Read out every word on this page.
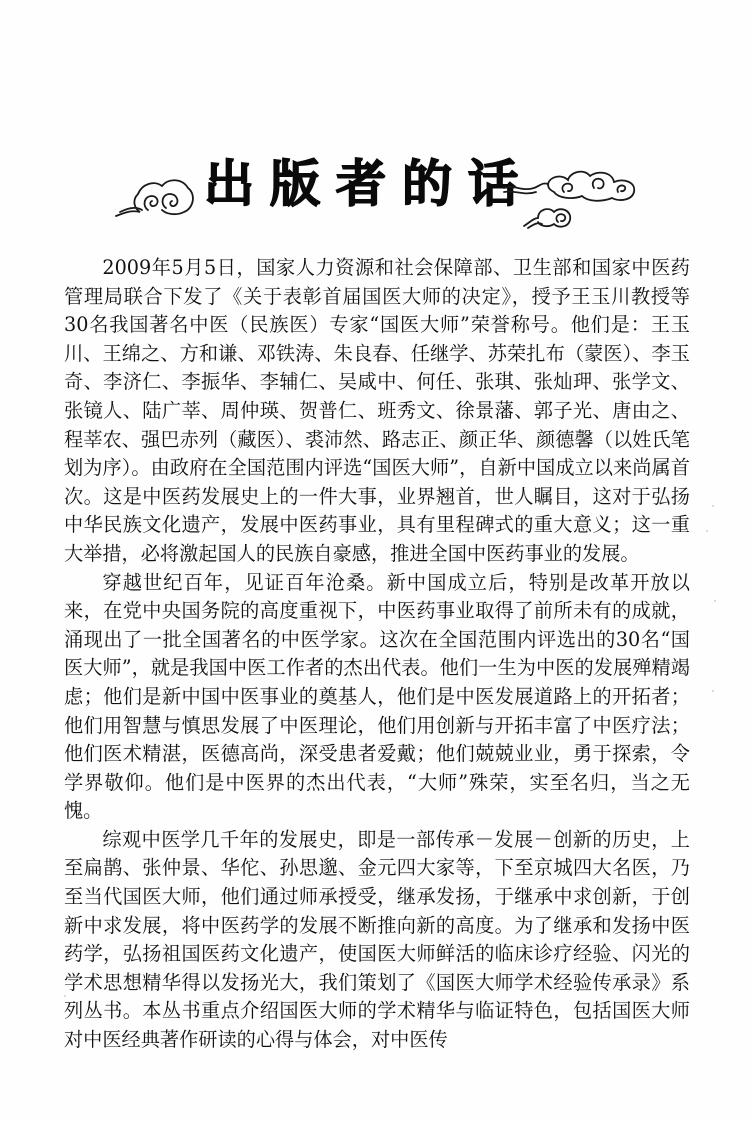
出版者的话

2009年5月5日，国家人力资源和社会保障部、卫生部和国家中医药管理局联合下发了《关于表彰首届国医大师的决定》，授予王玉川教授等30名我国著名中医（民族医）专家“国医大师”荣誉称号。他们是：王玉川、王绵之、方和谦、邓铁涛、朱良春、任继学、苏荣扎布（蒙医）、李玉奇、李济仁、李振华、李辅仁、吴咸中、何任、张琪、张灿玾、张学文、张镜人、陆广莘、周仲瑛、贺普仁、班秀文、徐景藩、郭子光、唐由之、程莘农、强巴赤列（藏医）、裘沛然、路志正、颜正华、颜德馨（以姓氏笔划为序）。由政府在全国范围内评选“国医大师”，自新中国成立以来尚属首次。这是中医药发展史上的一件大事，业界翘首，世人瞩目，这对于弘扬中华民族文化遗产，发展中医药事业，具有里程碑式的重大意义；这一重大举措，必将激起国人的民族自豪感，推进全国中医药事业的发展。

穿越世纪百年，见证百年沧桑。新中国成立后，特别是改革开放以来，在党中央国务院的高度重视下，中医药事业取得了前所未有的成就，涌现出了一批全国著名的中医学家。这次在全国范围内评选出的30名“国医大师”，就是我国中医工作者的杰出代表。他们一生为中医的发展殚精竭虑；他们是新中国中医事业的奠基人，他们是中医发展道路上的开拓者；他们用智慧与慎思发展了中医理论，他们用创新与开拓丰富了中医疗法；他们医术精湛，医德高尚，深受患者爱戴；他们兢兢业业，勇于探索，令学界敬仰。他们是中医界的杰出代表，“大师”殊荣，实至名归，当之无愧。

综观中医学几千年的发展史，即是一部传承－发展－创新的历史，上至扁鹊、张仲景、华佗、孙思邈、金元四大家等，下至京城四大名医，乃至当代国医大师，他们通过师承授受，继承发扬，于继承中求创新，于创新中求发展，将中医药学的发展不断推向新的高度。为了继承和发扬中医药学，弘扬祖国医药文化遗产，使国医大师鲜活的临床诊疗经验、闪光的学术思想精华得以发扬光大，我们策划了《国医大师学术经验传承录》系列丛书。本丛书重点介绍国医大师的学术精华与临证特色，包括国医大师对中医经典著作研读的心得与体会，对中医传
